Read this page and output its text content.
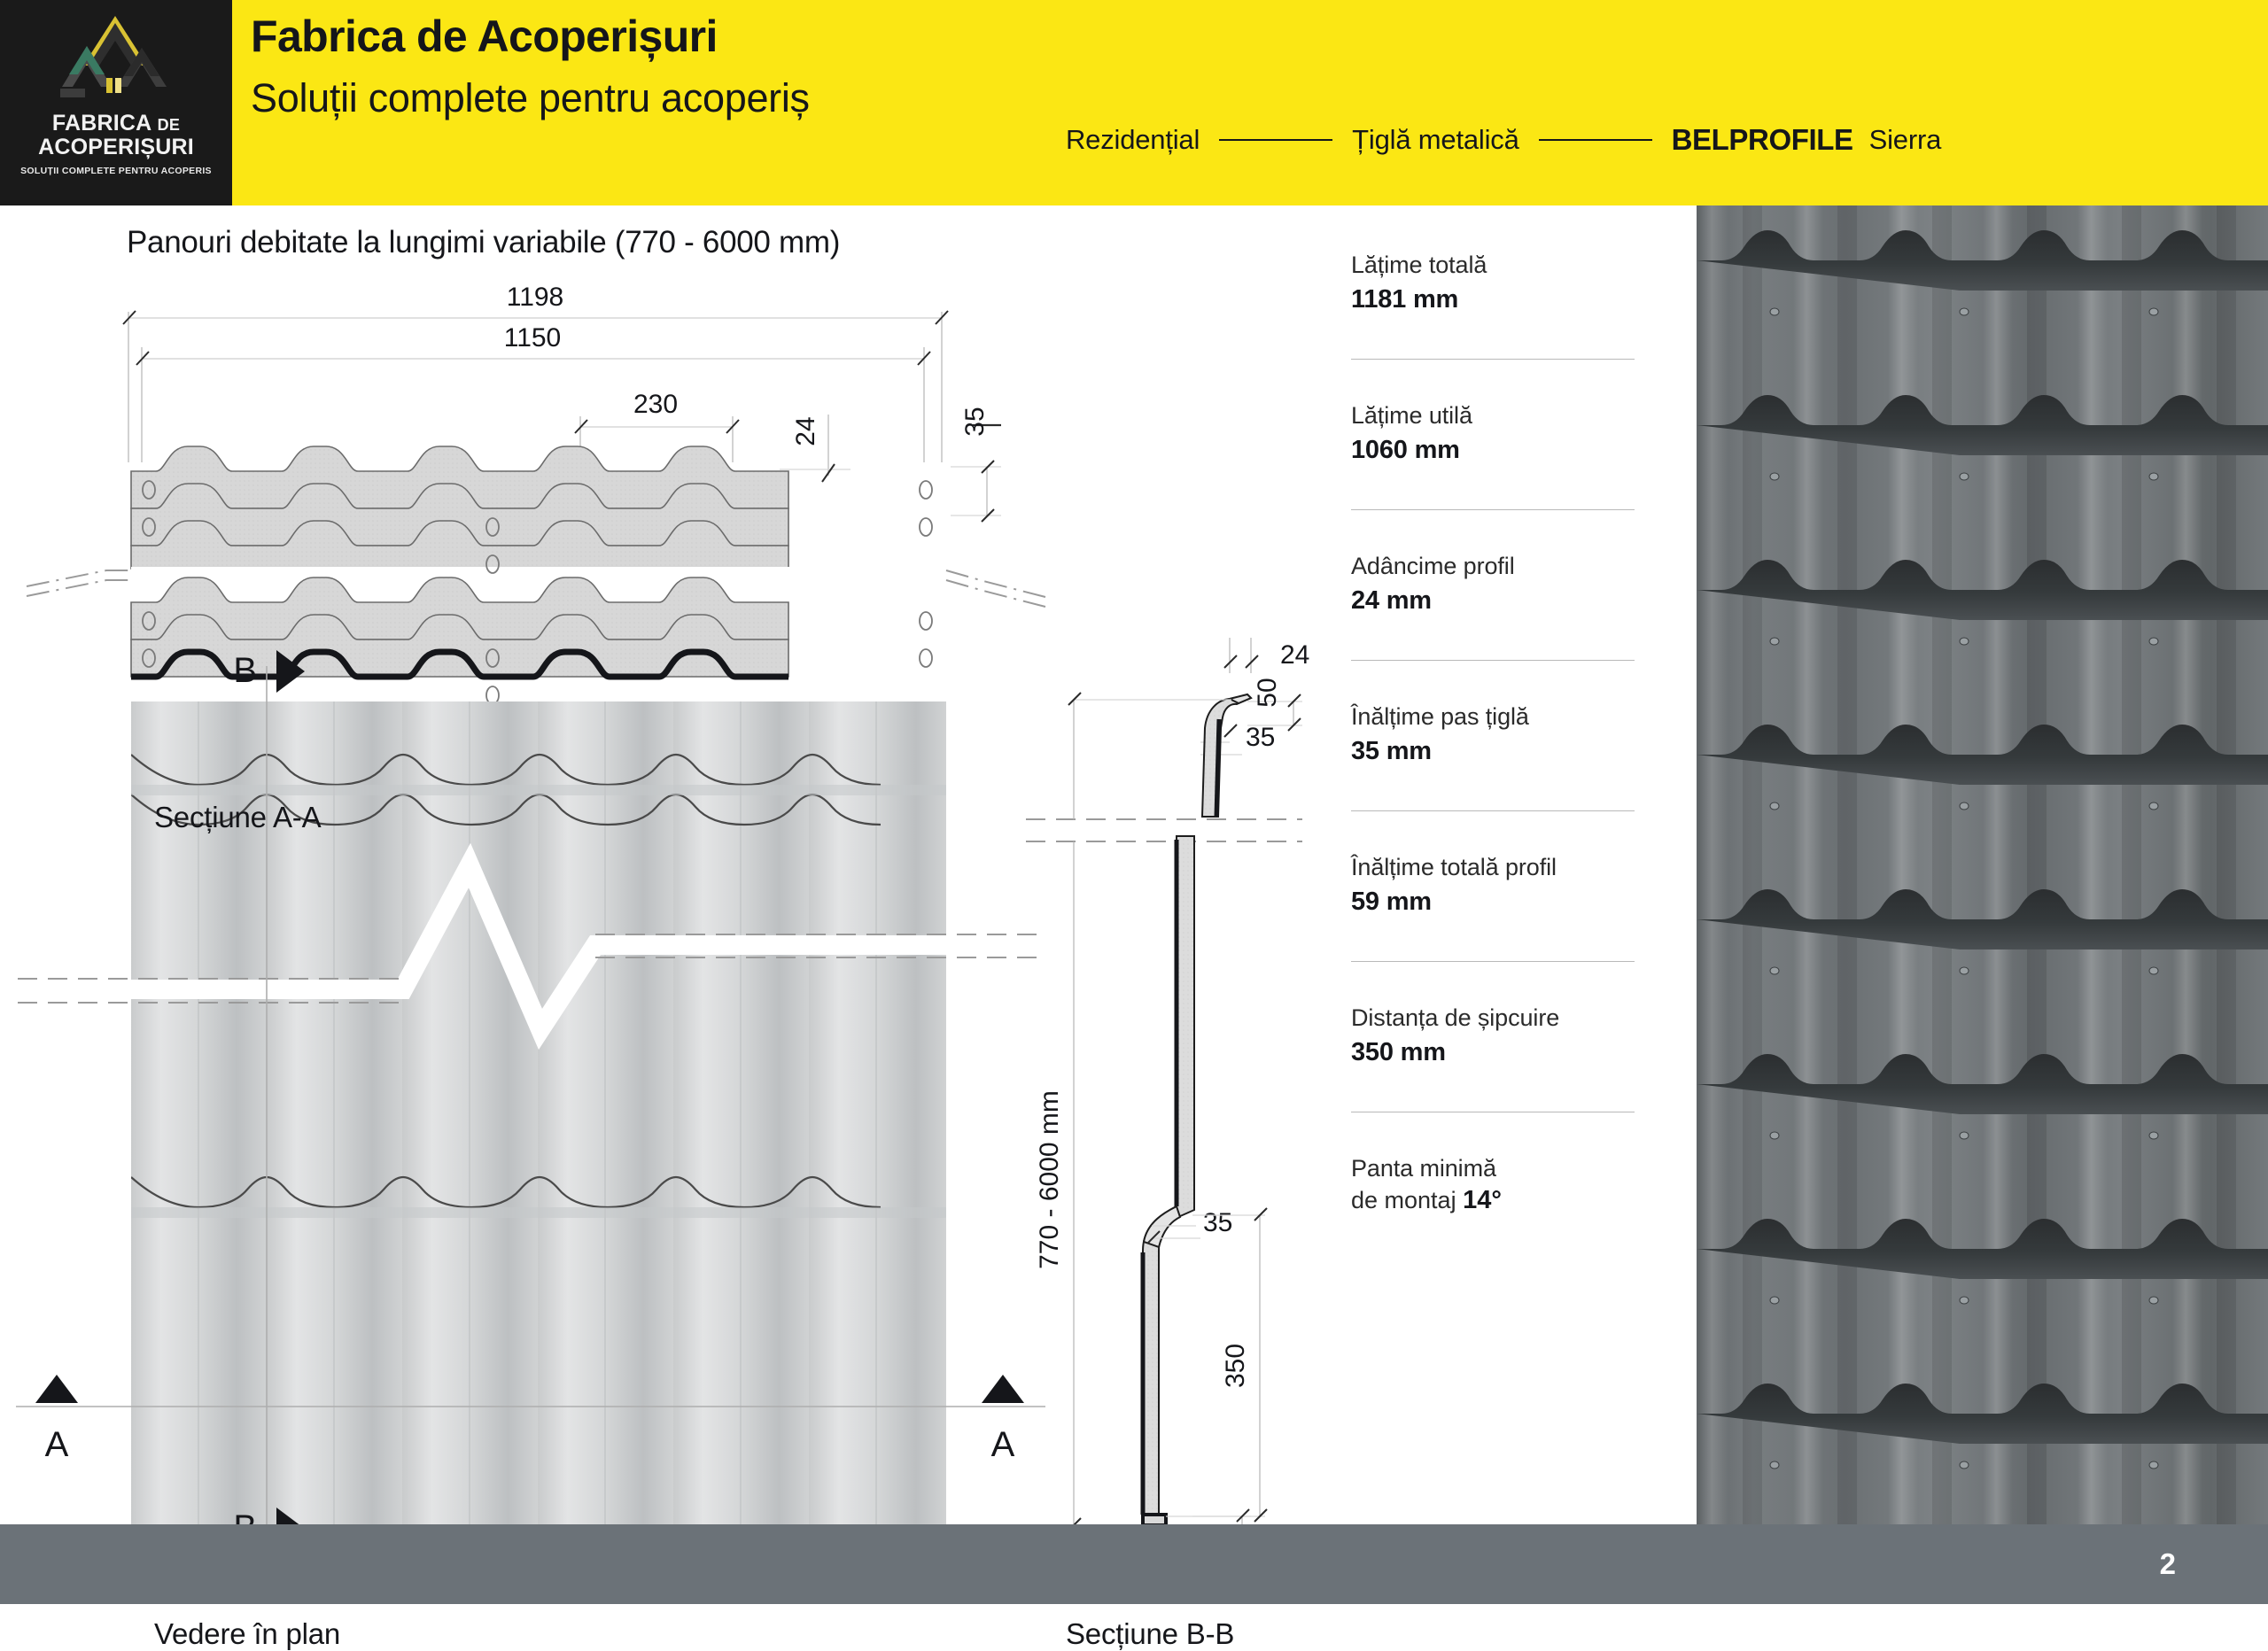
FABRICA DE
ACOPERIȘURI
SOLUȚII COMPLETE PENTRU ACOPERIS
Fabrica de Acoperișuri
Soluții complete pentru acoperiș
Rezidențial	Țiglă metalică	BELPROFILE Sierra
Panouri debitate la lungimi variabile (770 - 6000 mm)
1198
1150
230
24	35
B
A	A
24
50
35
770 - 6000 mm	35
350
Secțiune A-A
Vedere în plan	Secțiune B-B
Lățime totală
1181 mm
Lățime utilă
1060 mm
Adâncime profil
24 mm
Înălțime pas țiglă
35 mm
Înălțime totală profil
59 mm
Distanța de șipcuire
350 mm
Panta minimă
de montaj 14°
2
